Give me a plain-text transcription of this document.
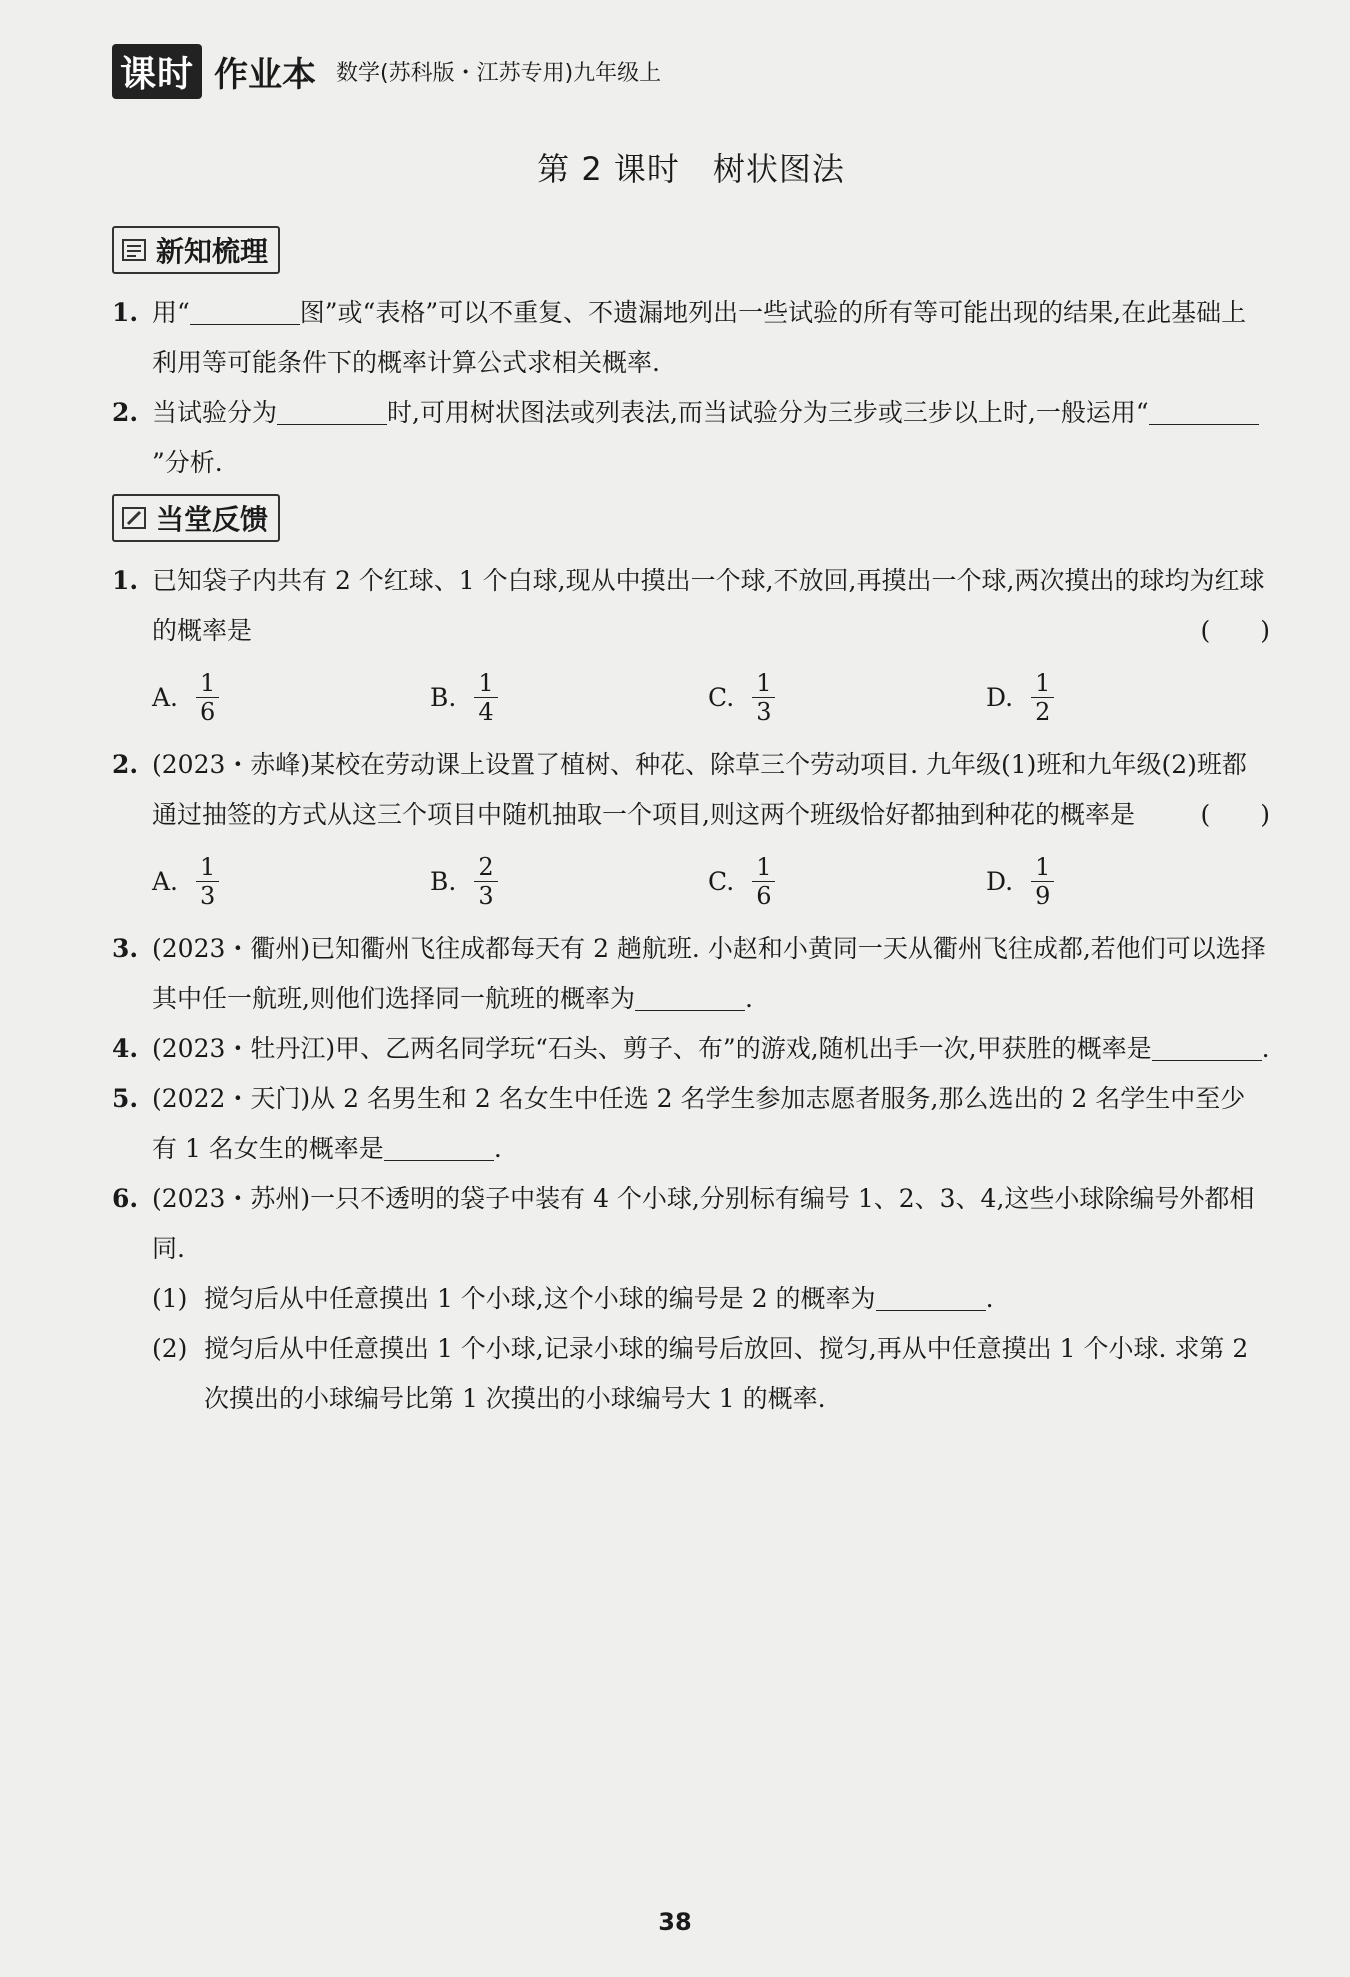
课时 作业本 数学(苏科版・江苏专用)九年级上
第 2 课时　树状图法
新知梳理
1. 用“	图”或“表格”可以不重复、不遗漏地列出一些试验的所有等可能出现的结果,在此基础上利用等可能条件下的概率计算公式求相关概率.
2. 当试验分为	时,可用树状图法或列表法,而当试验分为三步或三步以上时,一般运用“”分析.
当堂反馈
1. 已知袋子内共有 2 个红球、1 个白球,现从中摸出一个球,不放回,再摸出一个球,两次摸出的球均为红球的概率是	(　　)
A. $\frac{1}{6}$	B. $\frac{1}{4}$	C. $\frac{1}{3}$	D. $\frac{1}{2}$
2. (2023・赤峰)某校在劳动课上设置了植树、种花、除草三个劳动项目. 九年级(1)班和九年级(2)班都通过抽签的方式从这三个项目中随机抽取一个项目,则这两个班级恰好都抽到种花的概率是	(　　)
A. $\frac{1}{3}$	B. $\frac{2}{3}$	C. $\frac{1}{6}$	D. $\frac{1}{9}$
3. (2023・衢州)已知衢州飞往成都每天有 2 趟航班. 小赵和小黄同一天从衢州飞往成都,若他们可以选择其中任一航班,则他们选择同一航班的概率为	.
4. (2023・牡丹江)甲、乙两名同学玩“石头、剪子、布”的游戏,随机出手一次,甲获胜的概率是	.
5. (2022・天门)从 2 名男生和 2 名女生中任选 2 名学生参加志愿者服务,那么选出的 2 名学生中至少有 1 名女生的概率是	.
6. (2023・苏州)一只不透明的袋子中装有 4 个小球,分别标有编号 1、2、3、4,这些小球除编号外都相同.
(1) 搅匀后从中任意摸出 1 个小球,这个小球的编号是 2 的概率为	.
(2) 搅匀后从中任意摸出 1 个小球,记录小球的编号后放回、搅匀,再从中任意摸出 1 个小球. 求第 2 次摸出的小球编号比第 1 次摸出的小球编号大 1 的概率.
38
